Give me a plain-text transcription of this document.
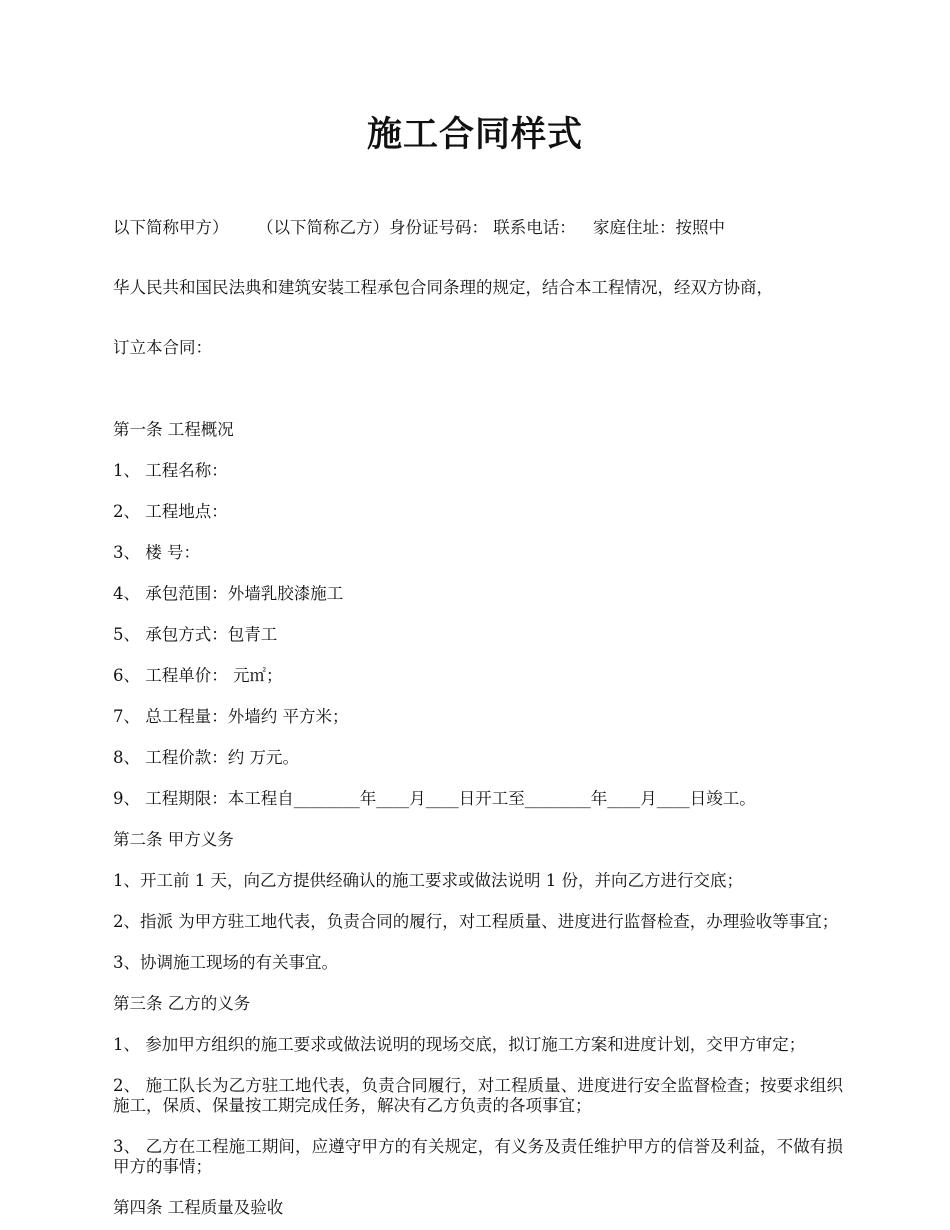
施工合同样式

以下简称甲方）	（以下简称乙方）身份证号码： 联系电话：	家庭住址：按照中

华人民共和国民法典和建筑安装工程承包合同条理的规定，结合本工程情况，经双方协商，

订立本合同：

第一条 工程概况
1、 工程名称：
2、 工程地点：
3、 楼 号：
4、 承包范围：外墙乳胶漆施工
5、 承包方式：包青工
6、 工程单价： 元㎡；
7、 总工程量：外墙约 平方米；
8、 工程价款：约 万元。
9、 工程期限：本工程自________年____月____日开工至________年____月____日竣工。
第二条 甲方义务
1、开工前 1 天，向乙方提供经确认的施工要求或做法说明 1 份，并向乙方进行交底；
2、指派 为甲方驻工地代表，负责合同的履行，对工程质量、进度进行监督检查，办理验收等事宜；
3、协调施工现场的有关事宜。
第三条 乙方的义务
1、 参加甲方组织的施工要求或做法说明的现场交底，拟订施工方案和进度计划，交甲方审定；
2、 施工队长为乙方驻工地代表，负责合同履行，对工程质量、进度进行安全监督检查；按要求组织施工，保质、保量按工期完成任务，解决有乙方负责的各项事宜；
3、 乙方在工程施工期间，应遵守甲方的有关规定，有义务及责任维护甲方的信誉及利益，不做有损甲方的事情；
第四条 工程质量及验收
